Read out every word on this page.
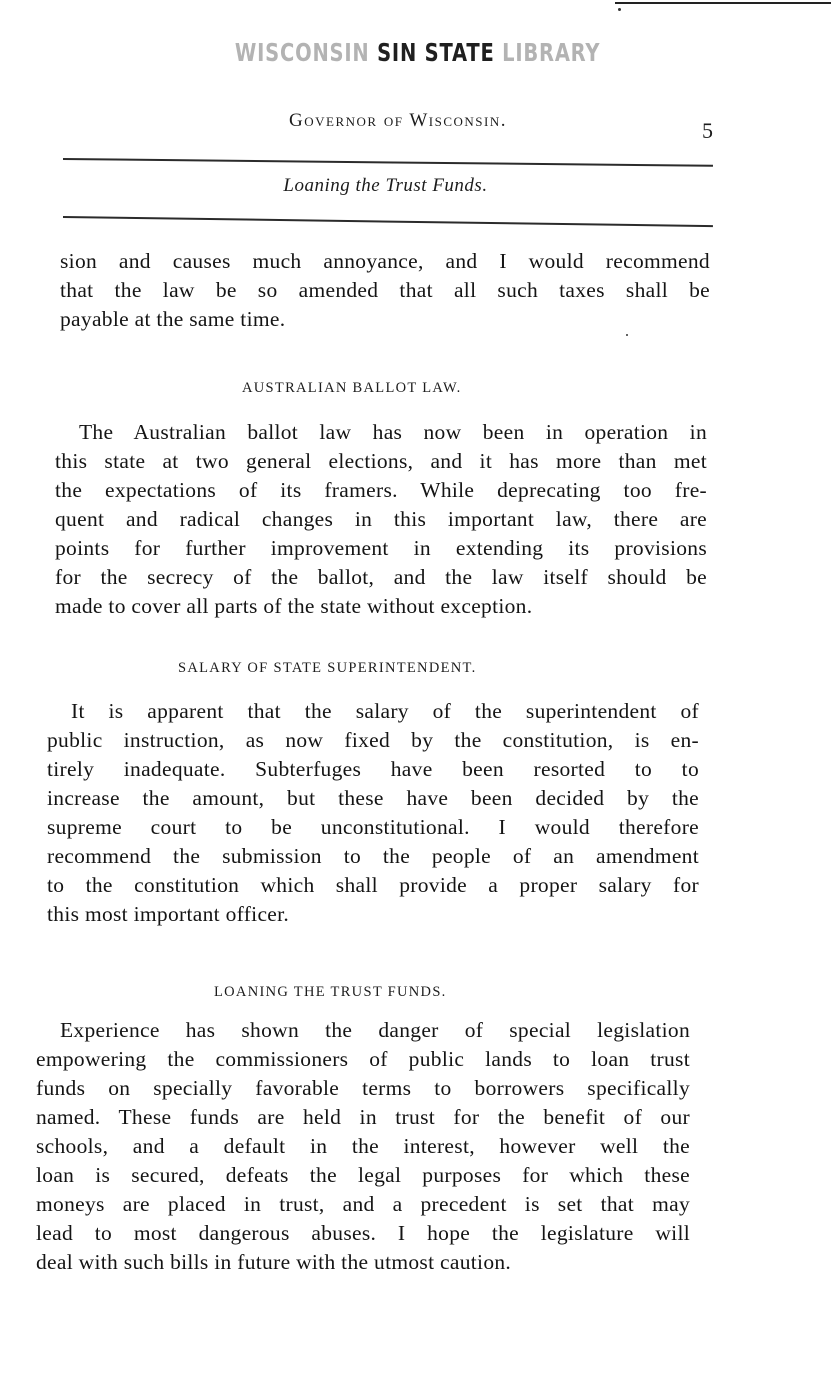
WISCONSIN SIN STATE LIBRARY
Governor of Wisconsin.	5
Loaning the Trust Funds.
sion and causes much annoyance, and I would recommend
that the law be so amended that all such taxes shall be
payable at the same time.
AUSTRALIAN BALLOT LAW.
The Australian ballot law has now been in operation in
this state at two general elections, and it has more than met
the expectations of its framers. While deprecating too fre-
quent and radical changes in this important law, there are
points for further improvement in extending its provisions
for the secrecy of the ballot, and the law itself should be
made to cover all parts of the state without exception.
SALARY OF STATE SUPERINTENDENT.
It is apparent that the salary of the superintendent of
public instruction, as now fixed by the constitution, is en-
tirely inadequate. Subterfuges have been resorted to to
increase the amount, but these have been decided by the
supreme court to be unconstitutional. I would therefore
recommend the submission to the people of an amendment
to the constitution which shall provide a proper salary for
this most important officer.
LOANING THE TRUST FUNDS.
Experience has shown the danger of special legislation
empowering the commissioners of public lands to loan trust
funds on specially favorable terms to borrowers specifically
named. These funds are held in trust for the benefit of our
schools, and a default in the interest, however well the
loan is secured, defeats the legal purposes for which these
moneys are placed in trust, and a precedent is set that may
lead to most dangerous abuses. I hope the legislature will
deal with such bills in future with the utmost caution.
